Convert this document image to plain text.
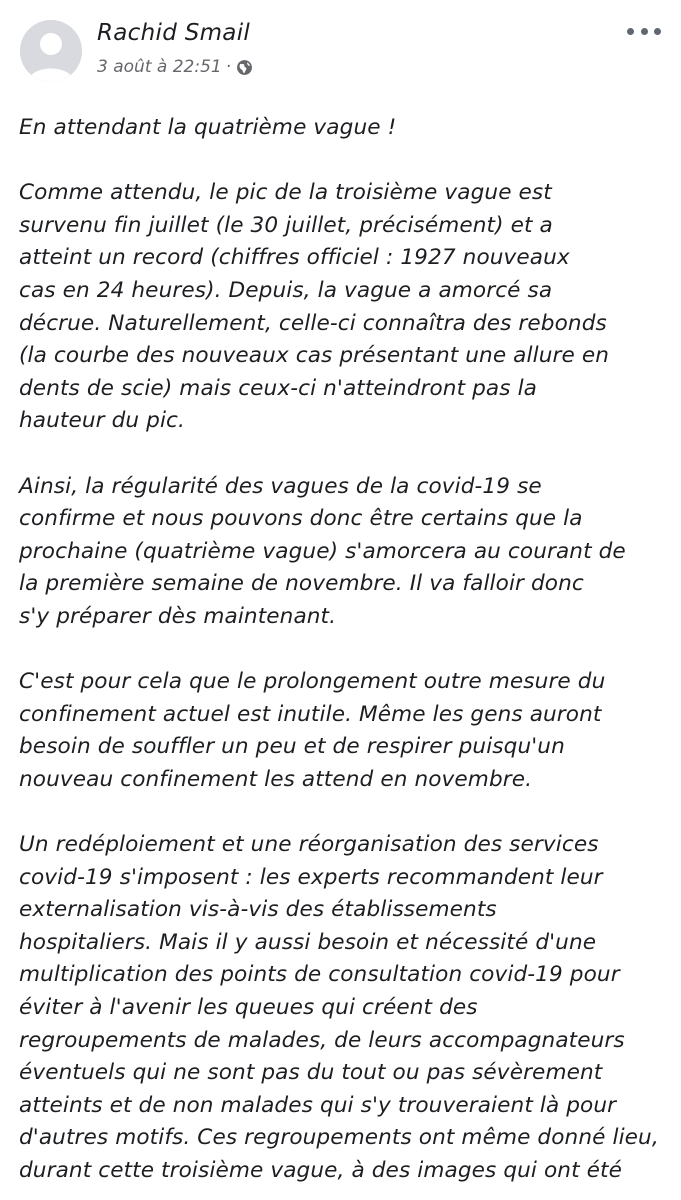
Rachid Smail
3 août à 22:51 ·
En attendant la quatrième vague !
Comme attendu, le pic de la troisième vague est
survenu fin juillet (le 30 juillet, précisément) et a
atteint un record (chiffres officiel : 1927 nouveaux
cas en 24 heures). Depuis, la vague a amorcé sa
décrue. Naturellement, celle-ci connaîtra des rebonds
(la courbe des nouveaux cas présentant une allure en
dents de scie) mais ceux-ci n'atteindront pas la
hauteur du pic.
Ainsi, la régularité des vagues de la covid-19 se
confirme et nous pouvons donc être certains que la
prochaine (quatrième vague) s'amorcera au courant de
la première semaine de novembre. Il va falloir donc
s'y préparer dès maintenant.
C'est pour cela que le prolongement outre mesure du
confinement actuel est inutile. Même les gens auront
besoin de souffler un peu et de respirer puisqu'un
nouveau confinement les attend en novembre.
Un redéploiement et une réorganisation des services
covid-19 s'imposent : les experts recommandent leur
externalisation vis-à-vis des établissements
hospitaliers. Mais il y aussi besoin et nécessité d'une
multiplication des points de consultation covid-19 pour
éviter à l'avenir les queues qui créent des
regroupements de malades, de leurs accompagnateurs
éventuels qui ne sont pas du tout ou pas sévèrement
atteints et de non malades qui s'y trouveraient là pour
d'autres motifs. Ces regroupements ont même donné lieu,
durant cette troisième vague, à des images qui ont été
